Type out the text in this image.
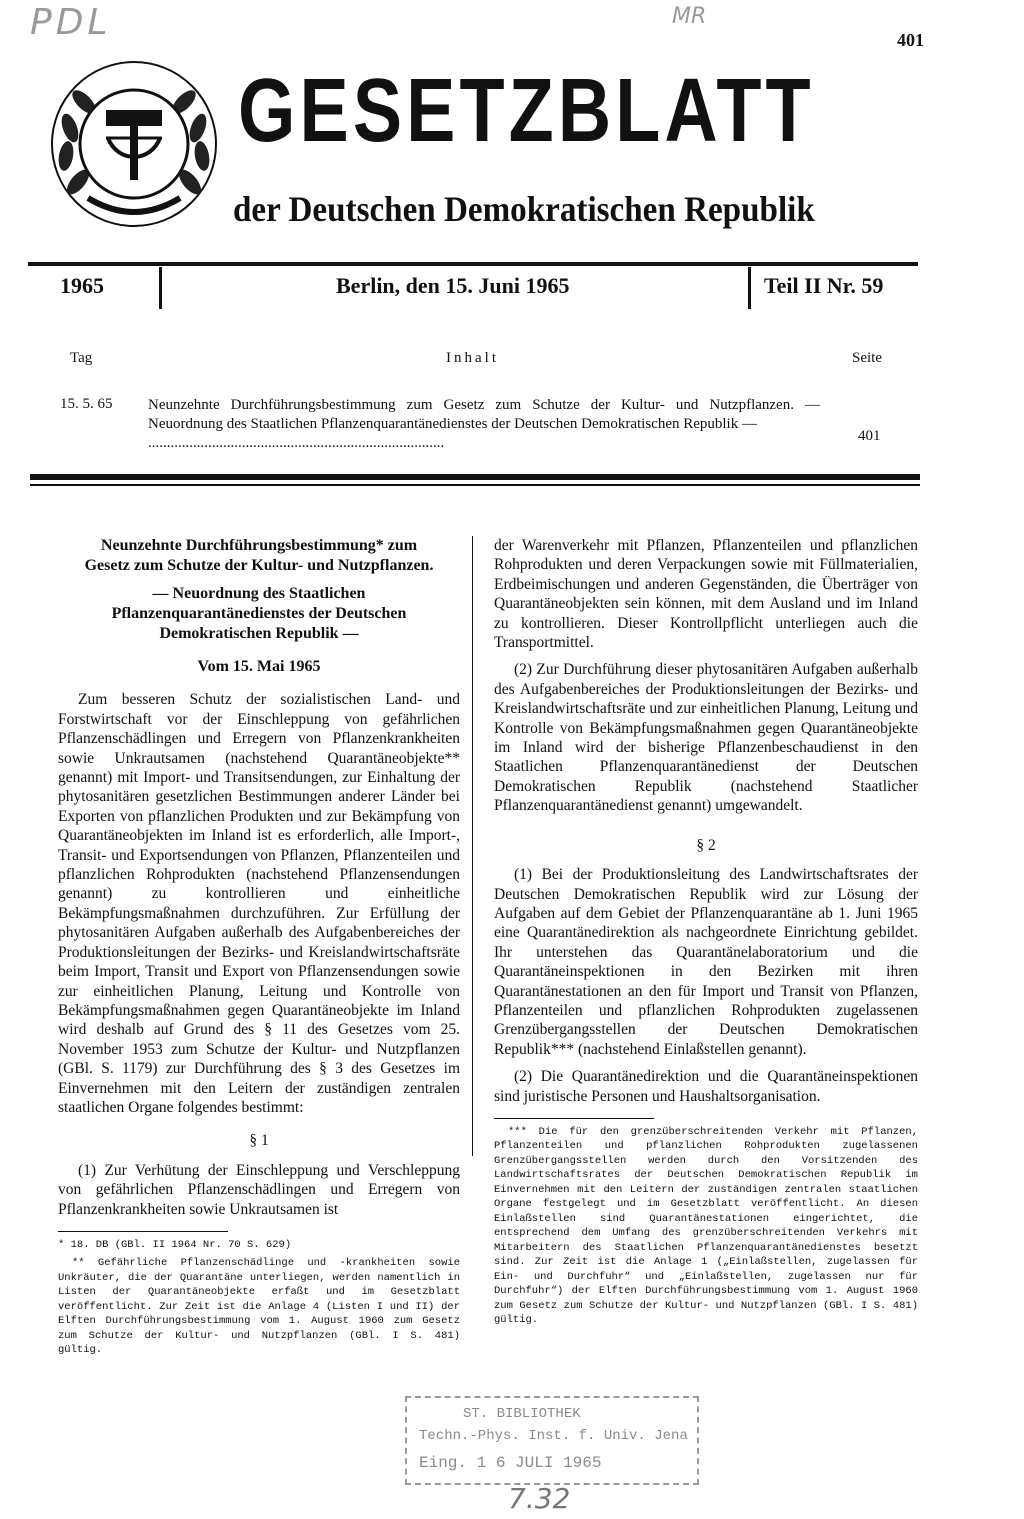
PDL	MR
401
GESETZBLATT
der Deutschen Demokratischen Republik
1965	Berlin, den 15. Juni 1965	Teil II Nr. 59
Tag	Inhalt	Seite
15. 5. 65 Neunzehnte Durchführungsbestimmung zum Gesetz zum Schutze der Kultur- und Nutzpflanzen. — Neuordnung des Staatlichen Pflanzenquarantänedienstes der Deutschen Demokratischen Republik —
...............................................................................	401
Neunzehnte Durchführungsbestimmung* zum Gesetz zum Schutze der Kultur- und Nutzpflanzen.
— Neuordnung des Staatlichen Pflanzenquarantänedienstes der Deutschen Demokratischen Republik —
Vom 15. Mai 1965

Zum besseren Schutz der sozialistischen Land- und Forstwirtschaft vor der Einschleppung von gefährlichen Pflanzenschädlingen und Erregern von Pflanzenkrankheiten sowie Unkrautsamen (nachstehend Quarantäneobjekte** genannt) mit Import- und Transitsendungen, zur Einhaltung der phytosanitären gesetzlichen Bestimmungen anderer Länder bei Exporten von pflanzlichen Produkten und zur Bekämpfung von Quarantäneobjekten im Inland ist es erforderlich, alle Import-, Transit- und Exportsendungen von Pflanzen, Pflanzenteilen und pflanzlichen Rohprodukten (nachstehend Pflanzensendungen genannt) zu kontrollieren und einheitliche Bekämpfungsmaßnahmen durchzuführen. Zur Erfüllung der phytosanitären Aufgaben außerhalb des Aufgabenbereiches der Produktionsleitungen der Bezirks- und Kreislandwirtschaftsräte beim Import, Transit und Export von Pflanzensendungen sowie zur einheitlichen Planung, Leitung und Kontrolle von Bekämpfungsmaßnahmen gegen Quarantäneobjekte im Inland wird deshalb auf Grund des § 11 des Gesetzes vom 25. November 1953 zum Schutze der Kultur- und Nutzpflanzen (GBl. S. 1179) zur Durchführung des § 3 des Gesetzes im Einvernehmen mit den Leitern der zuständigen zentralen staatlichen Organe folgendes bestimmt:

§ 1

(1) Zur Verhütung der Einschleppung und Verschleppung von gefährlichen Pflanzenschädlingen und Erregern von Pflanzenkrankheiten sowie Unkrautsamen ist

* 18. DB (GBl. II 1964 Nr. 70 S. 629)
** Gefährliche Pflanzenschädlinge und -krankheiten sowie Unkräuter, die der Quarantäne unterliegen, werden namentlich in Listen der Quarantäneobjekte erfaßt und im Gesetzblatt veröffentlicht. Zur Zeit ist die Anlage 4 (Listen I und II) der Elften Durchführungsbestimmung vom 1. August 1960 zum Gesetz zum Schutze der Kultur- und Nutzpflanzen (GBl. I S. 481) gültig.

der Warenverkehr mit Pflanzen, Pflanzenteilen und pflanzlichen Rohprodukten und deren Verpackungen sowie mit Füllmaterialien, Erdbeimischungen und anderen Gegenständen, die Überträger von Quarantäneobjekten sein können, mit dem Ausland und im Inland zu kontrollieren. Dieser Kontrollpflicht unterliegen auch die Transportmittel.

(2) Zur Durchführung dieser phytosanitären Aufgaben außerhalb des Aufgabenbereiches der Produktionsleitungen der Bezirks- und Kreislandwirtschaftsräte und zur einheitlichen Planung, Leitung und Kontrolle von Bekämpfungsmaßnahmen gegen Quarantäneobjekte im Inland wird der bisherige Pflanzenbeschaudienst in den Staatlichen Pflanzenquarantänedienst der Deutschen Demokratischen Republik (nachstehend Staatlicher Pflanzenquarantänedienst genannt) umgewandelt.

§ 2

(1) Bei der Produktionsleitung des Landwirtschaftsrates der Deutschen Demokratischen Republik wird zur Lösung der Aufgaben auf dem Gebiet der Pflanzenquarantäne ab 1. Juni 1965 eine Quarantänedirektion als nachgeordnete Einrichtung gebildet. Ihr unterstehen das Quarantänelaboratorium und die Quarantäneinspektionen in den Bezirken mit ihren Quarantänestationen an den für Import und Transit von Pflanzen, Pflanzenteilen und pflanzlichen Rohprodukten zugelassenen Grenzübergangsstellen der Deutschen Demokratischen Republik*** (nachstehend Einlaßstellen genannt).

(2) Die Quarantänedirektion und die Quarantäneinspektionen sind juristische Personen und Haushaltsorganisation.

*** Die für den grenzüberschreitenden Verkehr mit Pflanzen, Pflanzenteilen und pflanzlichen Rohprodukten zugelassenen Grenzübergangsstellen werden durch den Vorsitzenden des Landwirtschaftsrates der Deutschen Demokratischen Republik im Einvernehmen mit den Leitern der zuständigen zentralen staatlichen Organe festgelegt und im Gesetzblatt veröffentlicht. An diesen Einlaßstellen sind Quarantänestationen eingerichtet, die entsprechend dem Umfang des grenzüberschreitenden Verkehrs mit Mitarbeitern des Staatlichen Pflanzenquarantänedienstes besetzt sind. Zur Zeit ist die Anlage 1 („Einlaßstellen, zugelassen für Ein- und Durchfuhr“ und „Einlaßstellen, zugelassen nur für Durchfuhr“) der Elften Durchführungsbestimmung vom 1. August 1960 zum Gesetz zum Schutze der Kultur- und Nutzpflanzen (GBl. I S. 481) gültig.
ST. BIBLIOTHEK
Techn.-Phys. Inst. f. Univ. Jena
Eing. 1 6 JULI 1965
7.32
